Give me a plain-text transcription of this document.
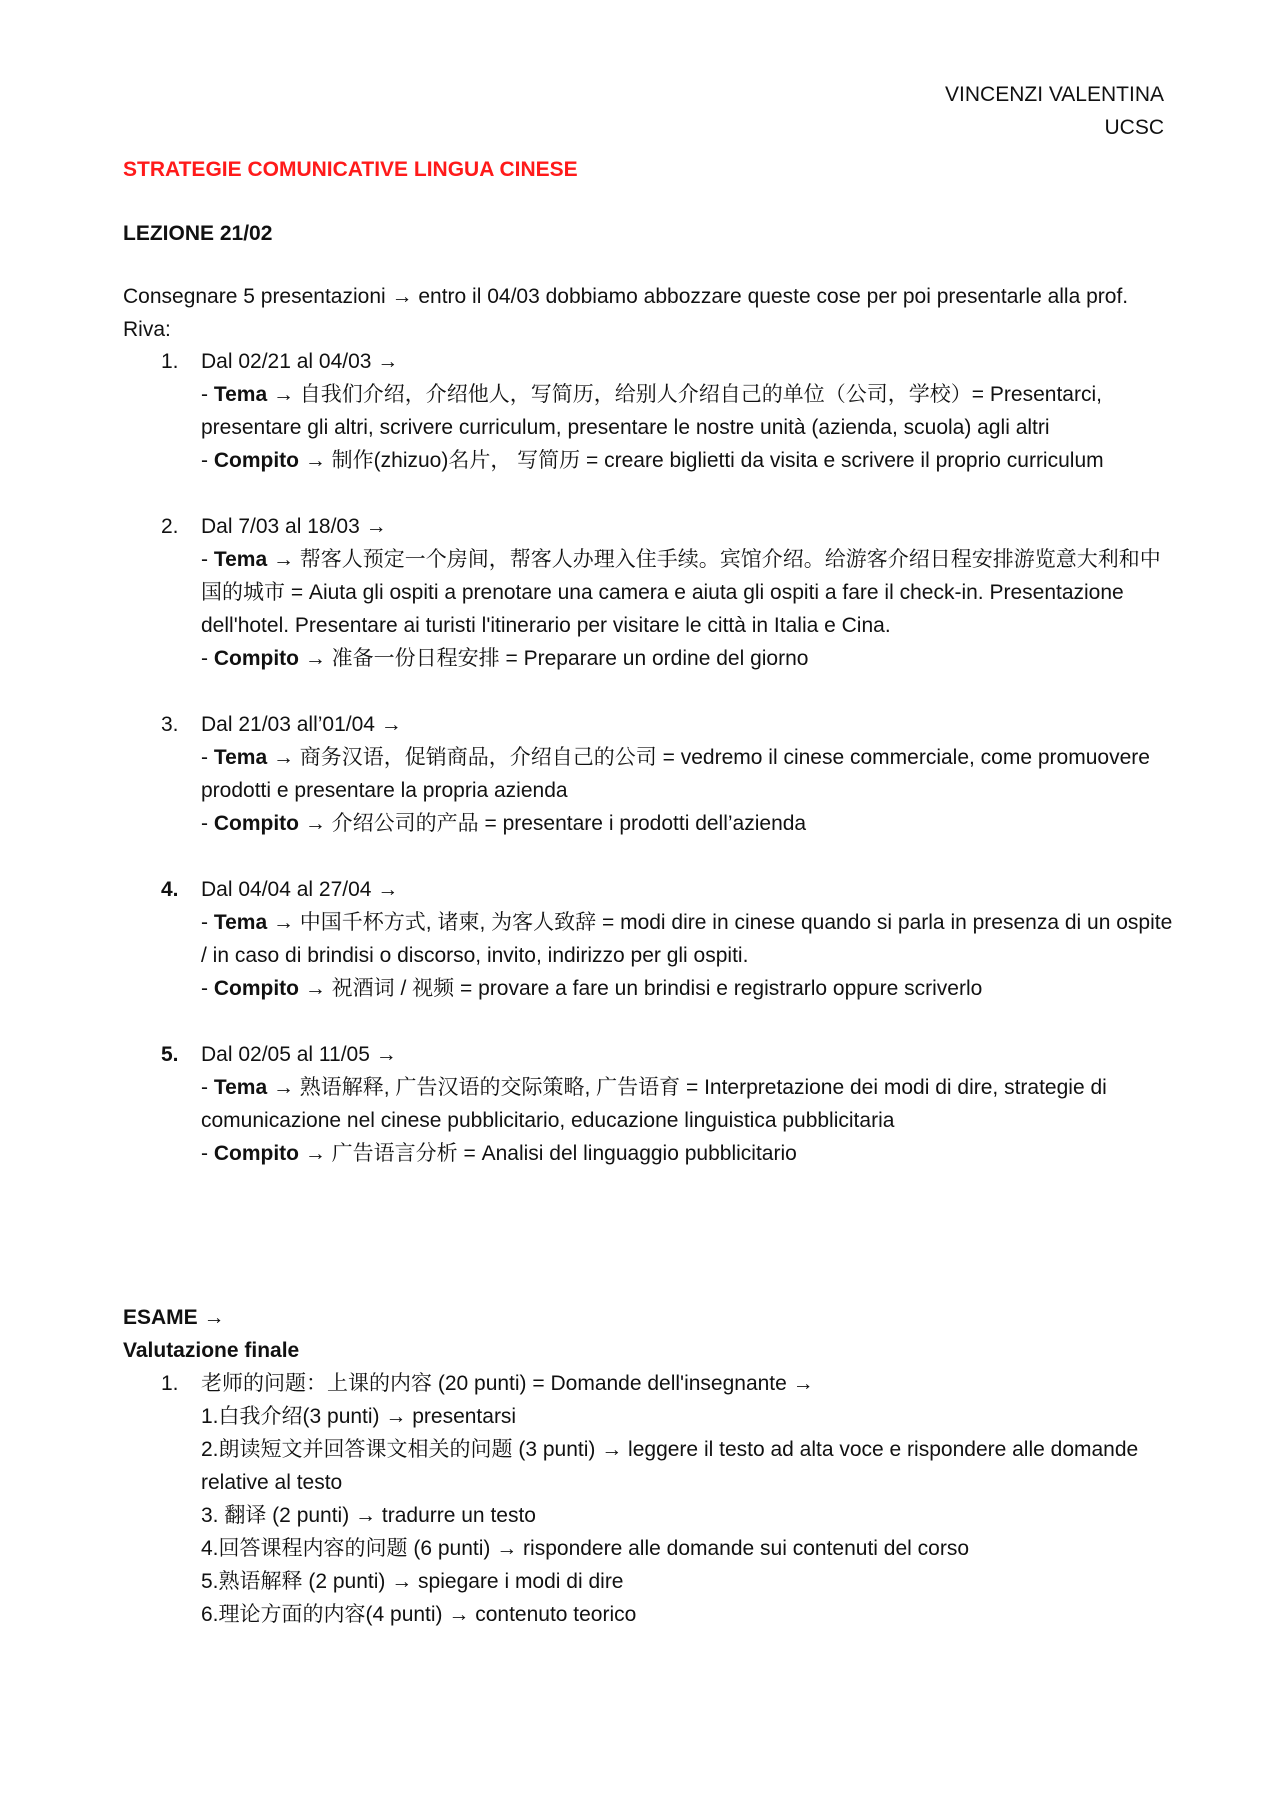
VINCENZI VALENTINA
UCSC
STRATEGIE COMUNICATIVE LINGUA CINESE
LEZIONE 21/02

Consegnare 5 presentazioni → entro il 04/03 dobbiamo abbozzare queste cose per poi presentarle alla prof. Riva:

1. Dal 02/21 al 04/03 →
- Tema → 自我们介绍，介绍他人，写简历，给别人介绍自己的单位（公司，学校）= Presentarci, presentare gli altri, scrivere curriculum, presentare le nostre unità (azienda, scuola) agli altri
- Compito → 制作(zhizuo)名片， 写简历 = creare biglietti da visita e scrivere il proprio curriculum
2. Dal 7/03 al 18/03 →
- Tema → 帮客人预定一个房间，帮客人办理入住手续。宾馆介绍。给游客介绍日程安排游览意大利和中国的城市 = Aiuta gli ospiti a prenotare una camera e aiuta gli ospiti a fare il check-in. Presentazione dell'hotel. Presentare ai turisti l'itinerario per visitare le città in Italia e Cina.
- Compito → 准备一份日程安排 = Preparare un ordine del giorno
3. Dal 21/03 all’01/04 →
- Tema → 商务汉语，促销商品，介绍自己的公司 = vedremo il cinese commerciale, come promuovere prodotti e presentare la propria azienda
- Compito → 介绍公司的产品 = presentare i prodotti dell’azienda
4. Dal 04/04 al 27/04 →
- Tema → 中国千杯方式, 诸柬, 为客人致辞 = modi dire in cinese quando si parla in presenza di un ospite / in caso di brindisi o discorso, invito, indirizzo per gli ospiti.
- Compito → 祝酒词 / 视频 = provare a fare un brindisi e registrarlo oppure scriverlo
5. Dal 02/05 al 11/05 →
- Tema → 熟语解释, 广告汉语的交际策略, 广告语育 = Interpretazione dei modi di dire, strategie di comunicazione nel cinese pubblicitario, educazione linguistica pubblicitaria
- Compito → 广告语言分析 = Analisi del linguaggio pubblicitario
ESAME →
Valutazione finale
1. 老师的问题：上课的内容 (20 punti) = Domande dell'insegnante →
1.白我介绍(3 punti) → presentarsi
2.朗读短文并回答课文相关的问题 (3 punti) → leggere il testo ad alta voce e rispondere alle domande relative al testo
3. 翻译 (2 punti) → tradurre un testo
4.回答课程内容的问题 (6 punti) → rispondere alle domande sui contenuti del corso
5.熟语解释 (2 punti) → spiegare i modi di dire
6.理论方面的内容(4 punti) → contenuto teorico
